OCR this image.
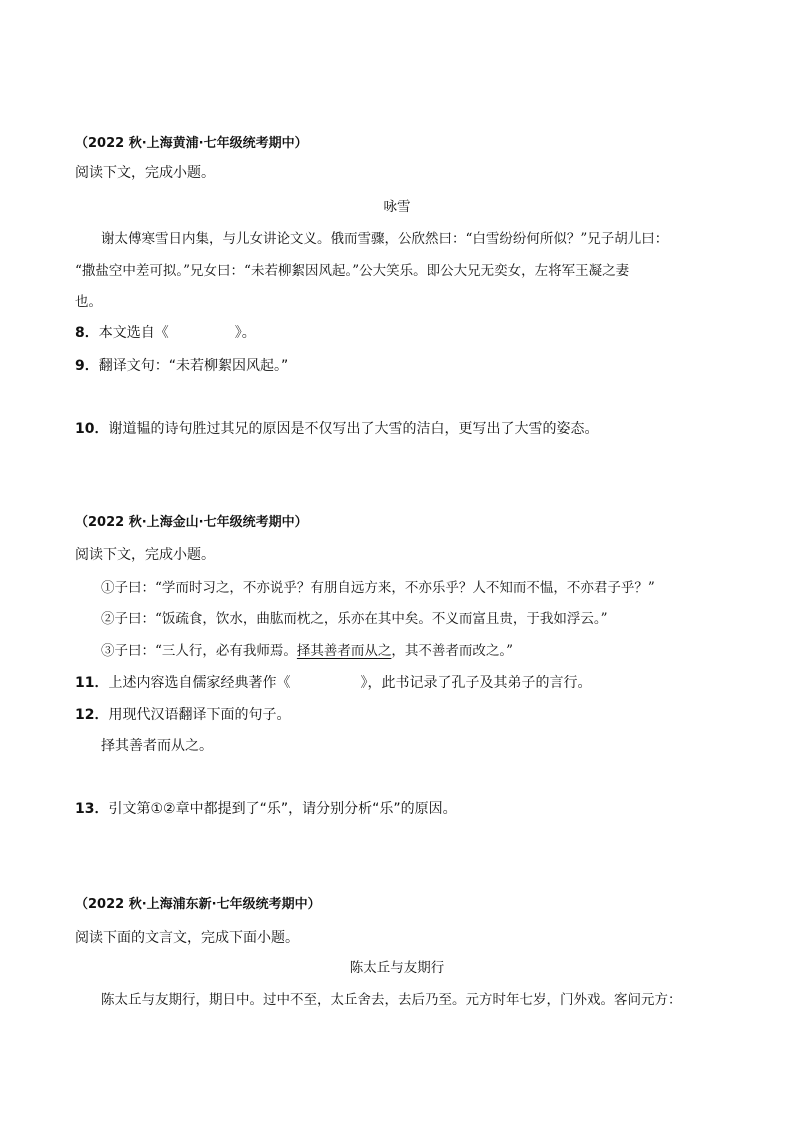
（2022 秋·上海黄浦·七年级统考期中）
阅读下文，完成小题。
咏雪
谢太傅寒雪日内集，与儿女讲论文义。俄而雪骤，公欣然曰：“白雪纷纷何所似？”兄子胡儿曰：
“撒盐空中差可拟。”兄女曰：“未若柳絮因风起。”公大笑乐。即公大兄无奕女，左将军王凝之妻
也。
8．本文选自《	》。
9．翻译文句：“未若柳絮因风起。”
10．谢道韫的诗句胜过其兄的原因是不仅写出了大雪的洁白，更写出了大雪的姿态。
（2022 秋·上海金山·七年级统考期中）
阅读下文，完成小题。
①子曰：“学而时习之，不亦说乎？有朋自远方来，不亦乐乎？人不知而不愠，不亦君子乎？”
②子曰：“饭疏食，饮水，曲肱而枕之，乐亦在其中矣。不义而富且贵，于我如浮云。”
③子曰：“三人行，必有我师焉。择其善者而从之，其不善者而改之。”
11．上述内容选自儒家经典著作《	》，此书记录了孔子及其弟子的言行。
12．用现代汉语翻译下面的句子。
择其善者而从之。
13．引文第①②章中都提到了“乐”，请分别分析“乐”的原因。
（2022 秋·上海浦东新·七年级统考期中）
阅读下面的文言文，完成下面小题。
陈太丘与友期行
陈太丘与友期行，期日中。过中不至，太丘舍去，去后乃至。元方时年七岁，门外戏。客问元方：
